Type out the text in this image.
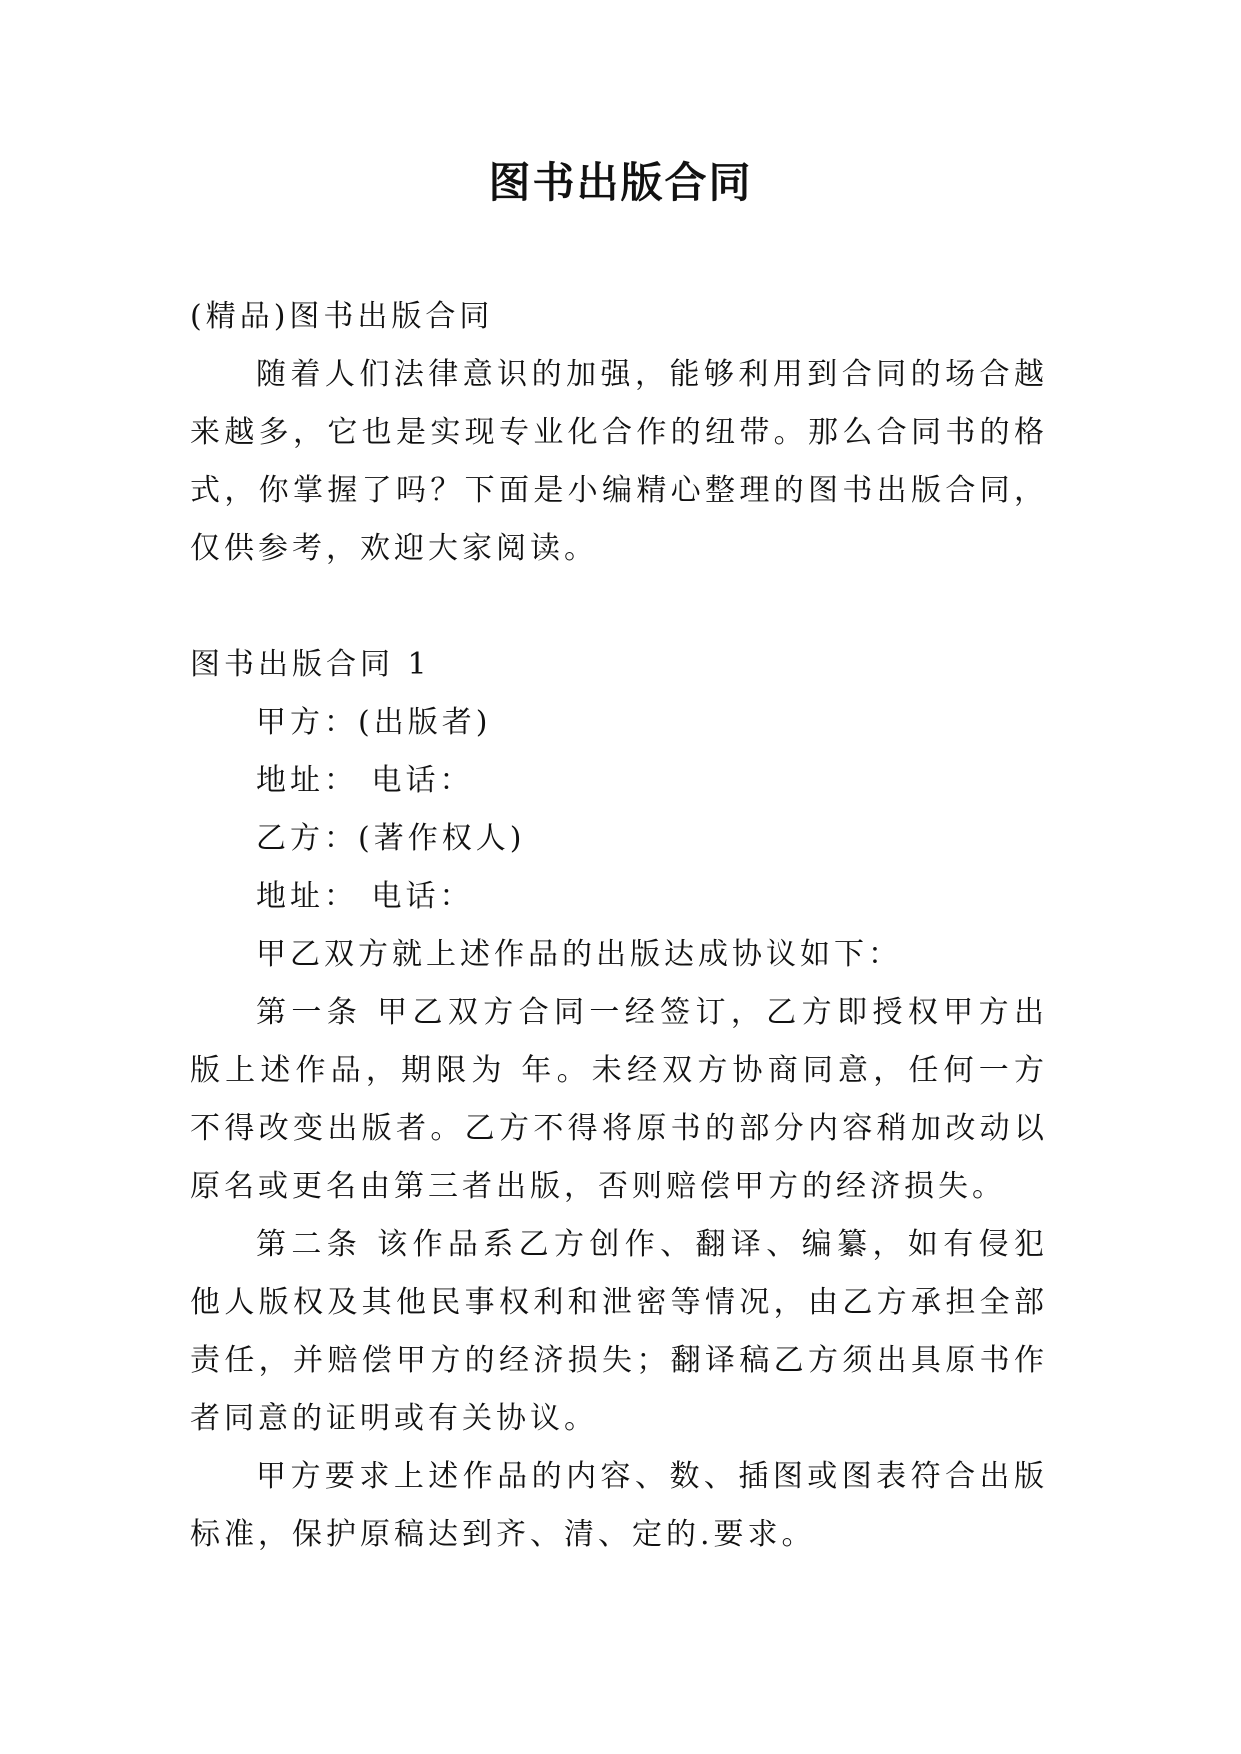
图书出版合同

(精品)图书出版合同

随着人们法律意识的加强，能够利用到合同的场合越来越多，它也是实现专业化合作的纽带。那么合同书的格式，你掌握了吗？下面是小编精心整理的图书出版合同，仅供参考，欢迎大家阅读。

图书出版合同 1

甲方：(出版者)

地址： 电话：

乙方：(著作权人)

地址： 电话：

甲乙双方就上述作品的出版达成协议如下：

第一条 甲乙双方合同一经签订，乙方即授权甲方出版上述作品，期限为 年。未经双方协商同意，任何一方不得改变出版者。乙方不得将原书的部分内容稍加改动以原名或更名由第三者出版，否则赔偿甲方的经济损失。

第二条 该作品系乙方创作、翻译、编纂，如有侵犯他人版权及其他民事权利和泄密等情况，由乙方承担全部责任，并赔偿甲方的经济损失；翻译稿乙方须出具原书作者同意的证明或有关协议。

甲方要求上述作品的内容、数、插图或图表符合出版标准，保护原稿达到齐、清、定的.要求。
